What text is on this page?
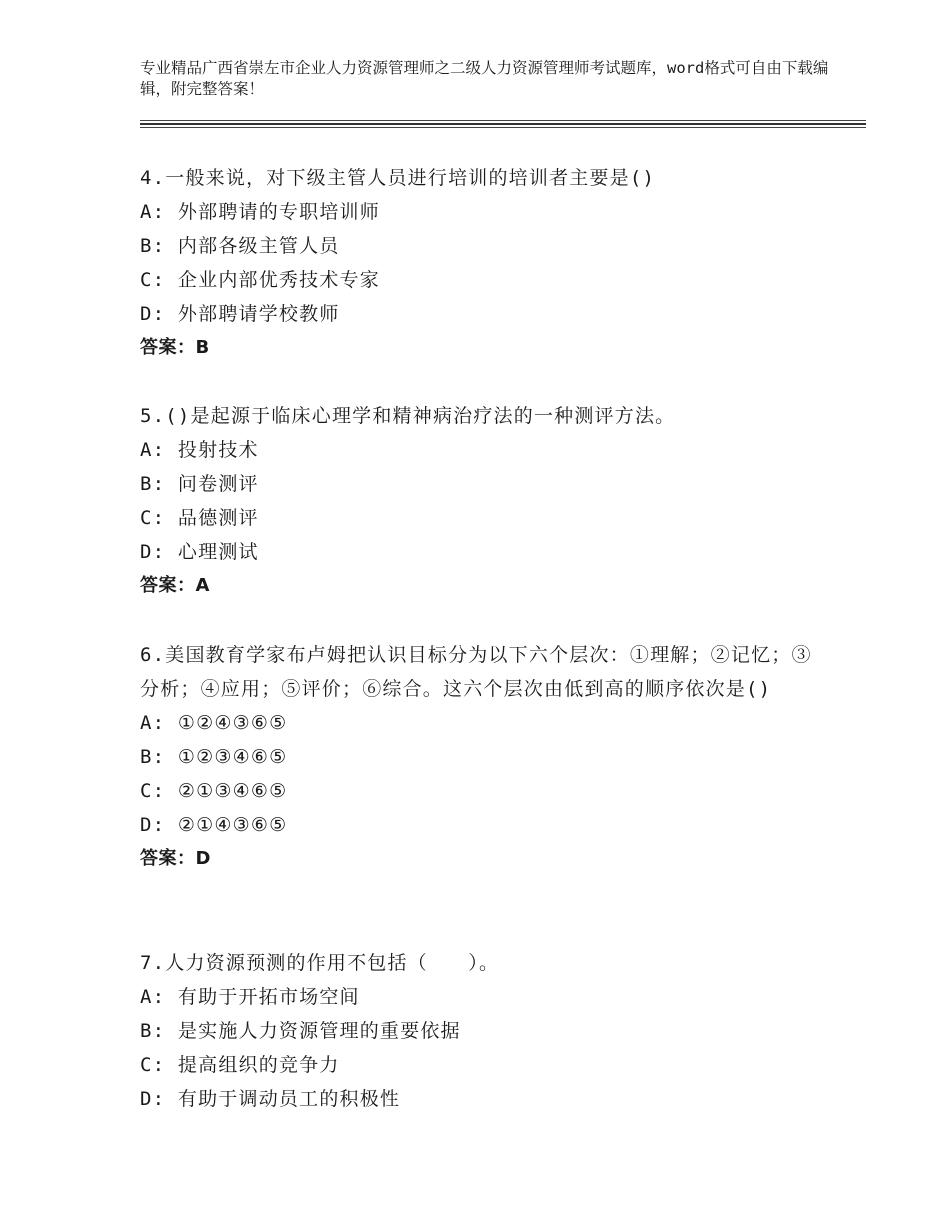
专业精品广西省崇左市企业人力资源管理师之二级人力资源管理师考试题库，word格式可自由下载编辑，附完整答案！
4.一般来说，对下级主管人员进行培训的培训者主要是()
A: 外部聘请的专职培训师
B: 内部各级主管人员
C: 企业内部优秀技术专家
D: 外部聘请学校教师
答案：B
5.()是起源于临床心理学和精神病治疗法的一种测评方法。
A: 投射技术
B: 问卷测评
C: 品德测评
D: 心理测试
答案：A
6.美国教育学家布卢姆把认识目标分为以下六个层次：①理解；②记忆；③分析；④应用；⑤评价；⑥综合。这六个层次由低到高的顺序依次是()
A: ①②④③⑥⑤
B: ①②③④⑥⑤
C: ②①③④⑥⑤
D: ②①④③⑥⑤
答案：D
7.人力资源预测的作用不包括（　　）。
A: 有助于开拓市场空间
B: 是实施人力资源管理的重要依据
C: 提高组织的竞争力
D: 有助于调动员工的积极性
